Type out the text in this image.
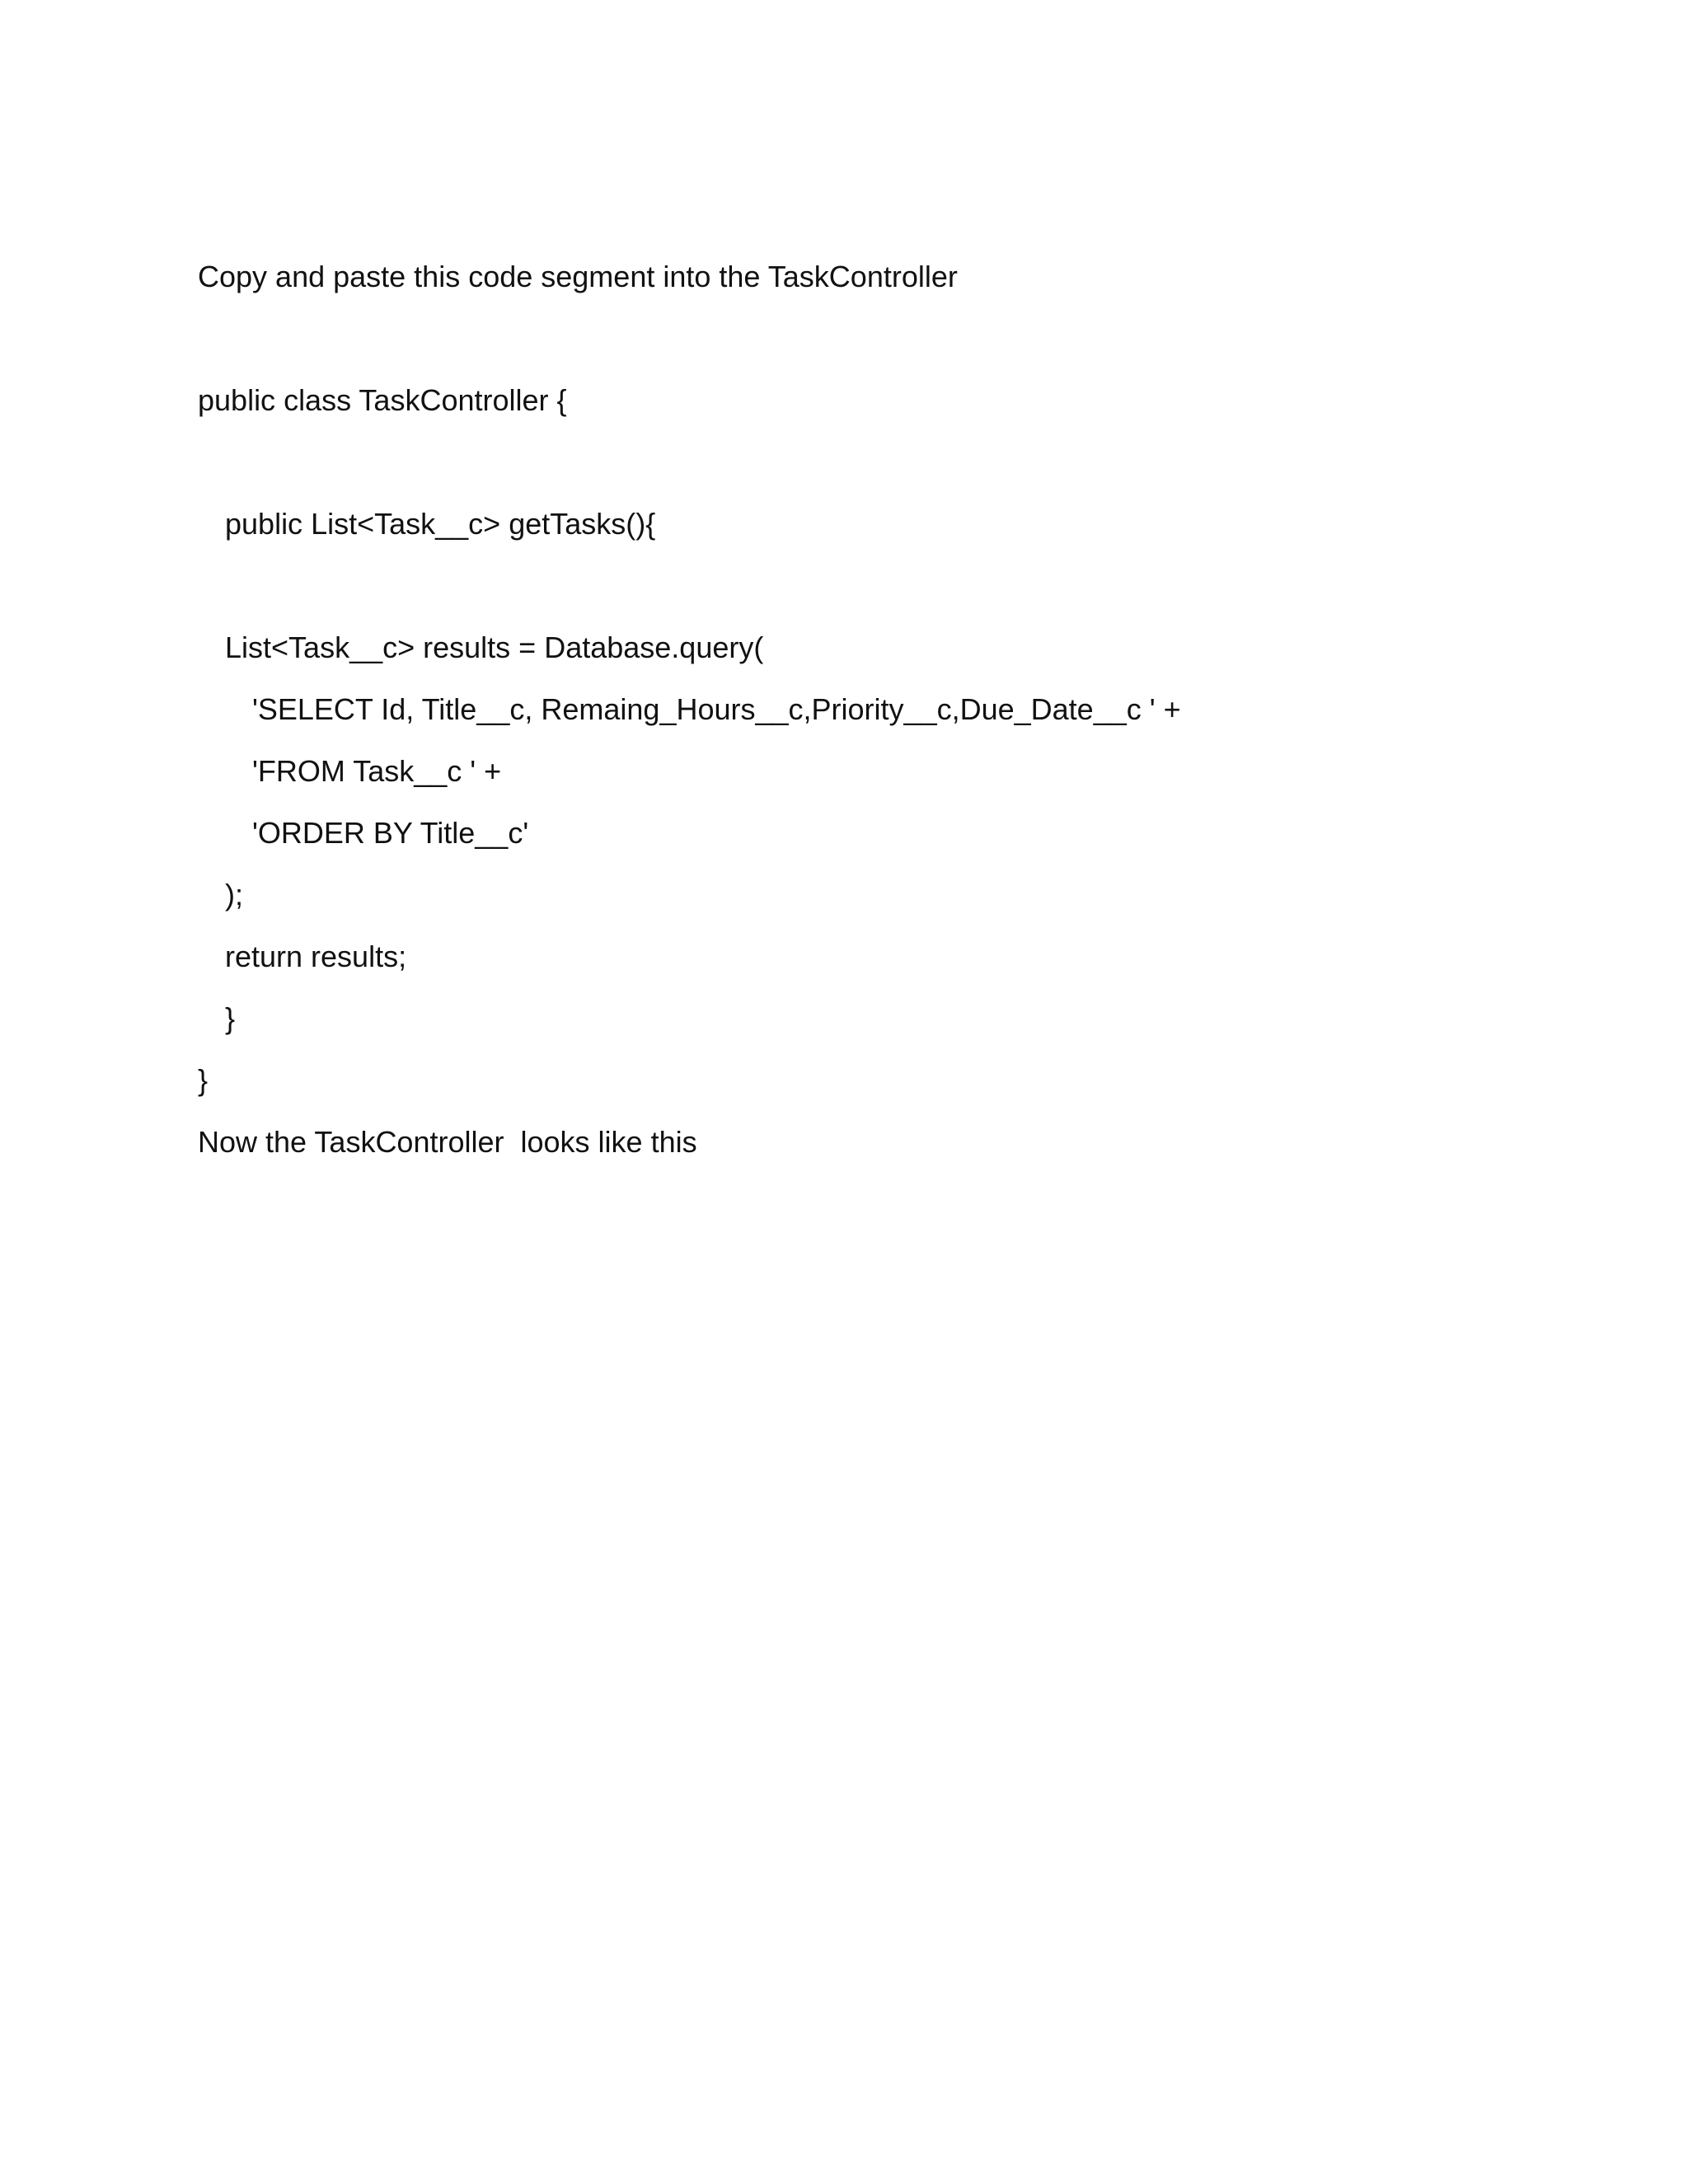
Copy and paste this code segment into the TaskController

public class TaskController {

public List<Task__c> getTasks(){

List<Task__c> results = Database.query(

'SELECT Id, Title__c, Remaing_Hours__c,Priority__c,Due_Date__c ' +

'FROM Task__c ' +

'ORDER BY Title__c'

);

return results;

}

}

Now the TaskController  looks like this
